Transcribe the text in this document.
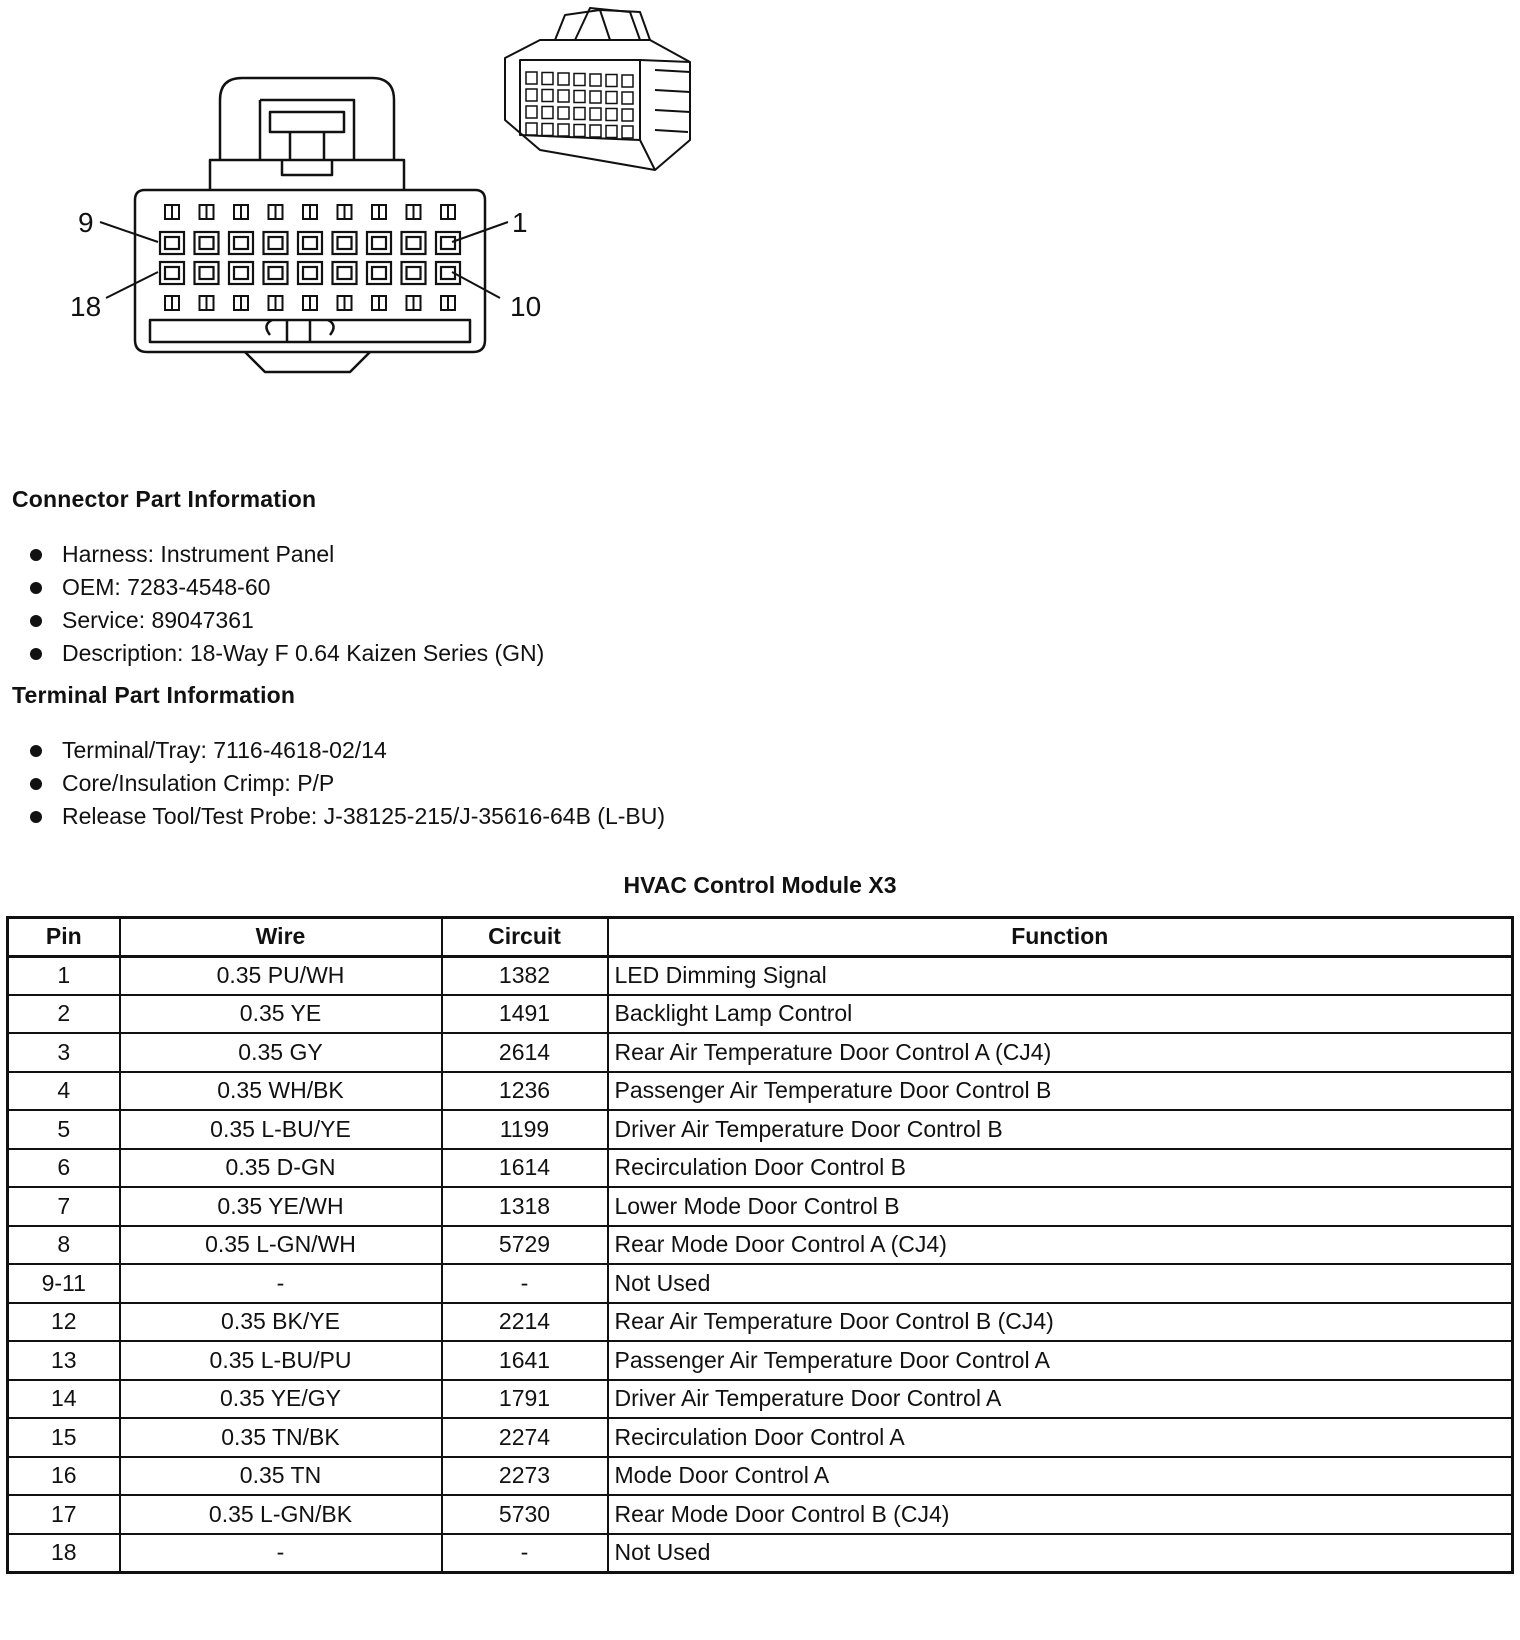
9	1
18	10
Connector Part Information
Harness: Instrument Panel
OEM: 7283-4548-60
Service: 89047361
Description: 18-Way F 0.64 Kaizen Series (GN)
Terminal Part Information
Terminal/Tray: 7116-4618-02/14
Core/Insulation Crimp: P/P
Release Tool/Test Probe: J-38125-215/J-35616-64B (L-BU)
HVAC Control Module X3
Pin	Wire	Circuit	Function
1	0.35 PU/WH	1382	LED Dimming Signal
2	0.35 YE	1491	Backlight Lamp Control
3	0.35 GY	2614	Rear Air Temperature Door Control A (CJ4)
4	0.35 WH/BK	1236	Passenger Air Temperature Door Control B
5	0.35 L-BU/YE	1199	Driver Air Temperature Door Control B
6	0.35 D-GN	1614	Recirculation Door Control B
7	0.35 YE/WH	1318	Lower Mode Door Control B
8	0.35 L-GN/WH	5729	Rear Mode Door Control A (CJ4)
9-11	-	-	Not Used
12	0.35 BK/YE	2214	Rear Air Temperature Door Control B (CJ4)
13	0.35 L-BU/PU	1641	Passenger Air Temperature Door Control A
14	0.35 YE/GY	1791	Driver Air Temperature Door Control A
15	0.35 TN/BK	2274	Recirculation Door Control A
16	0.35 TN	2273	Mode Door Control A
17	0.35 L-GN/BK	5730	Rear Mode Door Control B (CJ4)
18	-	-	Not Used
